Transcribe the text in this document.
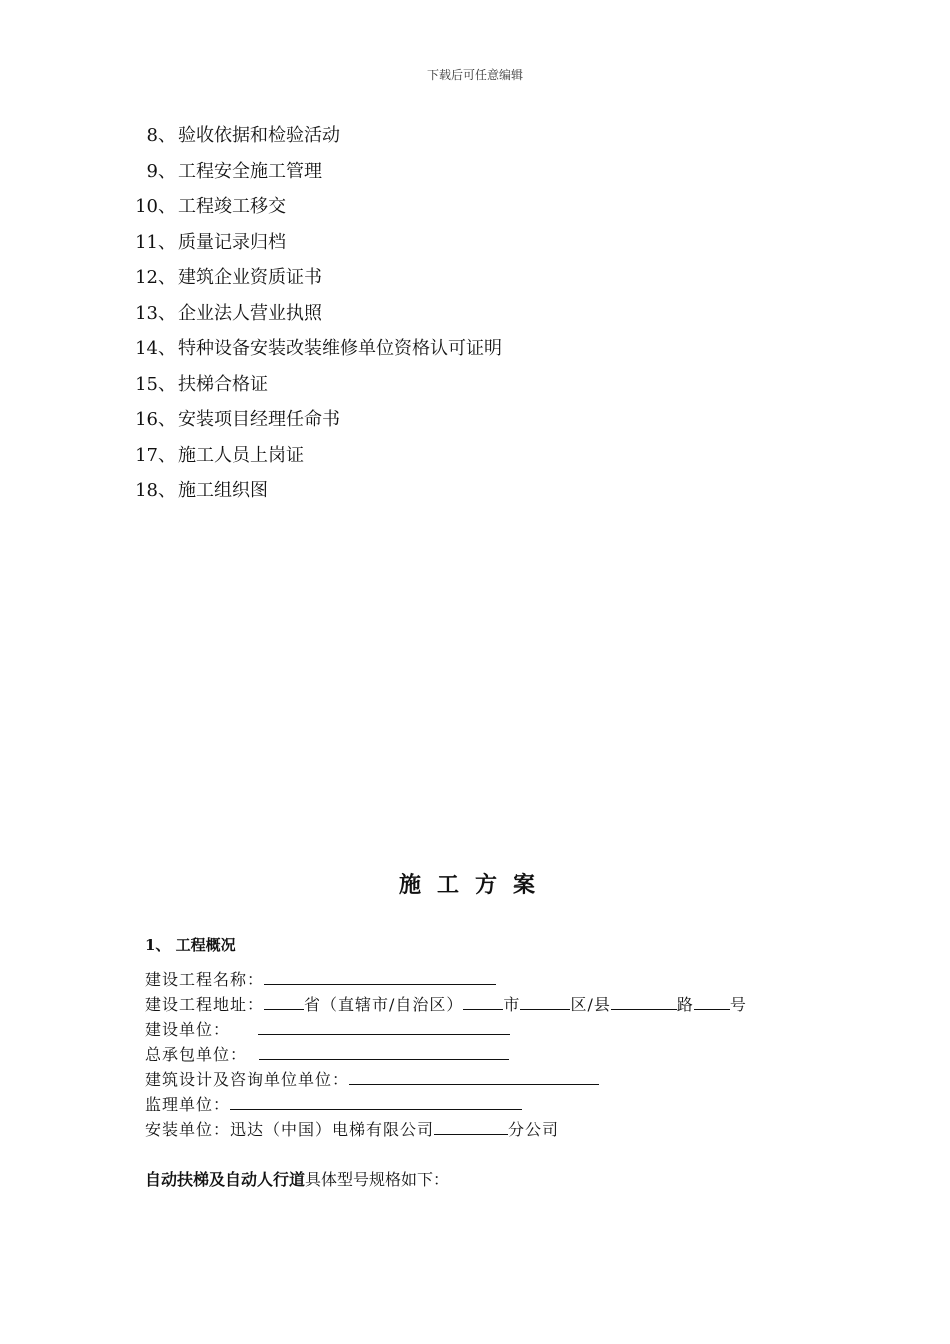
下载后可任意编辑
8、 验收依据和检验活动
9、 工程安全施工管理
10、 工程竣工移交
11、 质量记录归档
12、 建筑企业资质证书
13、 企业法人营业执照
14、 特种设备安装改装维修单位资格认可证明
15、 扶梯合格证
16、 安装项目经理任命书
17、 施工人员上岗证
18、 施工组织图
施工方案
1、 工程概况
建设工程名称：
建设工程地址：	省（直辖市/自治区）	市	区/县	路 号
建设单位：
总承包单位：
建筑设计及咨询单位单位：
监理单位：
安装单位：迅达（中国）电梯有限公司	分公司
自动扶梯及自动人行道具体型号规格如下：
